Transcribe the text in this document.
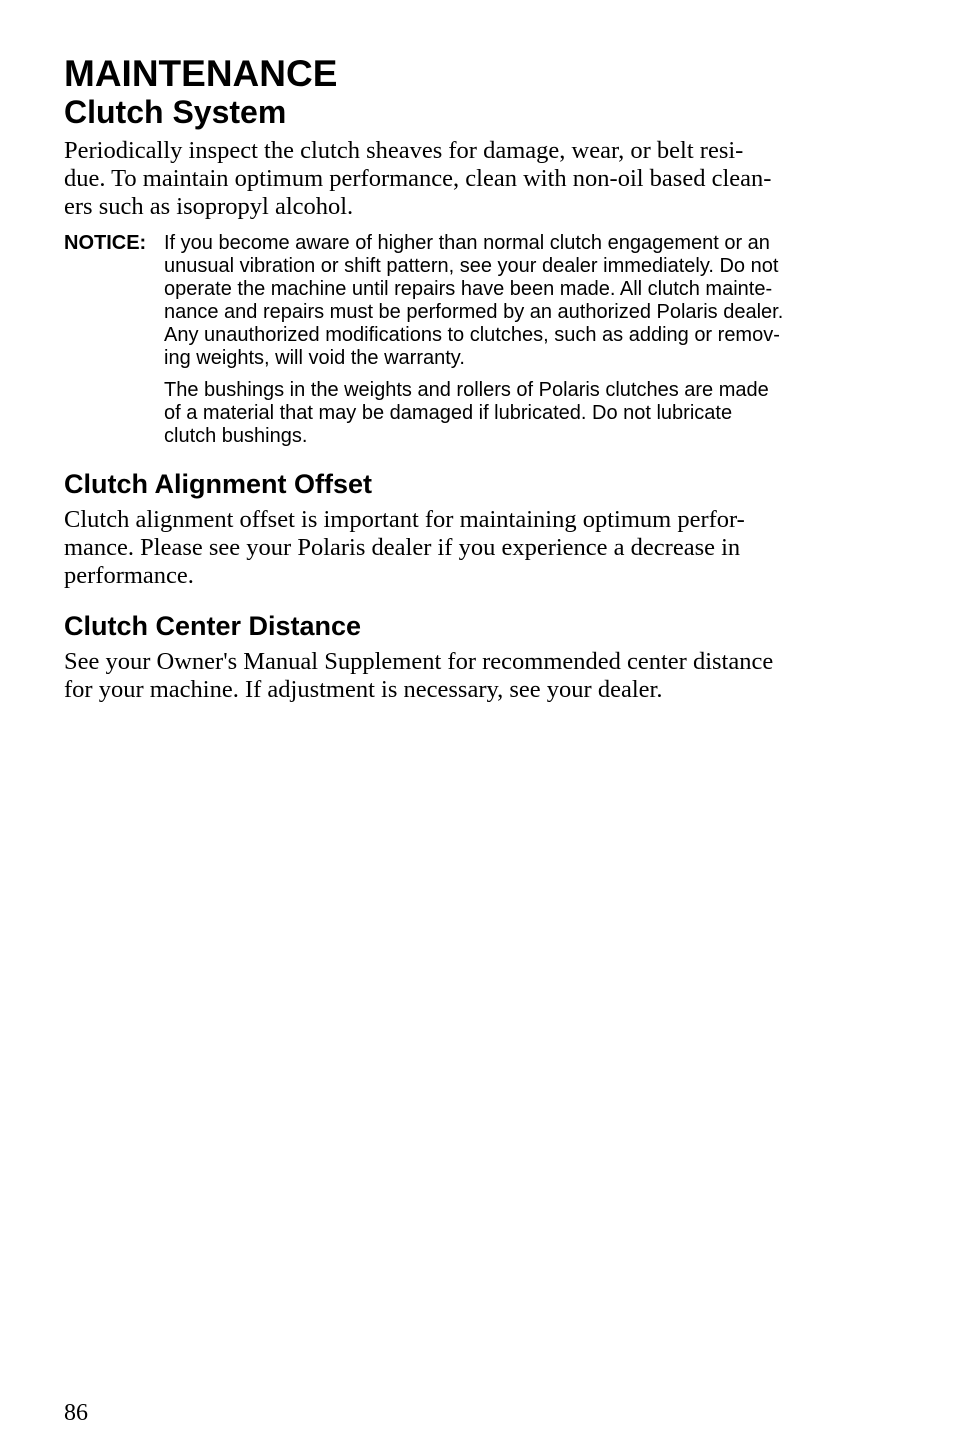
MAINTENANCE
Clutch System

Periodically inspect the clutch sheaves for damage, wear, or belt resi-
due. To maintain optimum performance, clean with non-oil based clean-
ers such as isopropyl alcohol.

NOTICE: If you become aware of higher than normal clutch engagement or an
unusual vibration or shift pattern, see your dealer immediately. Do not
operate the machine until repairs have been made. All clutch mainte-
nance and repairs must be performed by an authorized Polaris dealer.
Any unauthorized modifications to clutches, such as adding or remov-
ing weights, will void the warranty.

The bushings in the weights and rollers of Polaris clutches are made
of a material that may be damaged if lubricated. Do not lubricate
clutch bushings.

Clutch Alignment Offset

Clutch alignment offset is important for maintaining optimum perfor-
mance. Please see your Polaris dealer if you experience a decrease in
performance.

Clutch Center Distance

See your Owner's Manual Supplement for recommended center distance
for your machine. If adjustment is necessary, see your dealer.

86
